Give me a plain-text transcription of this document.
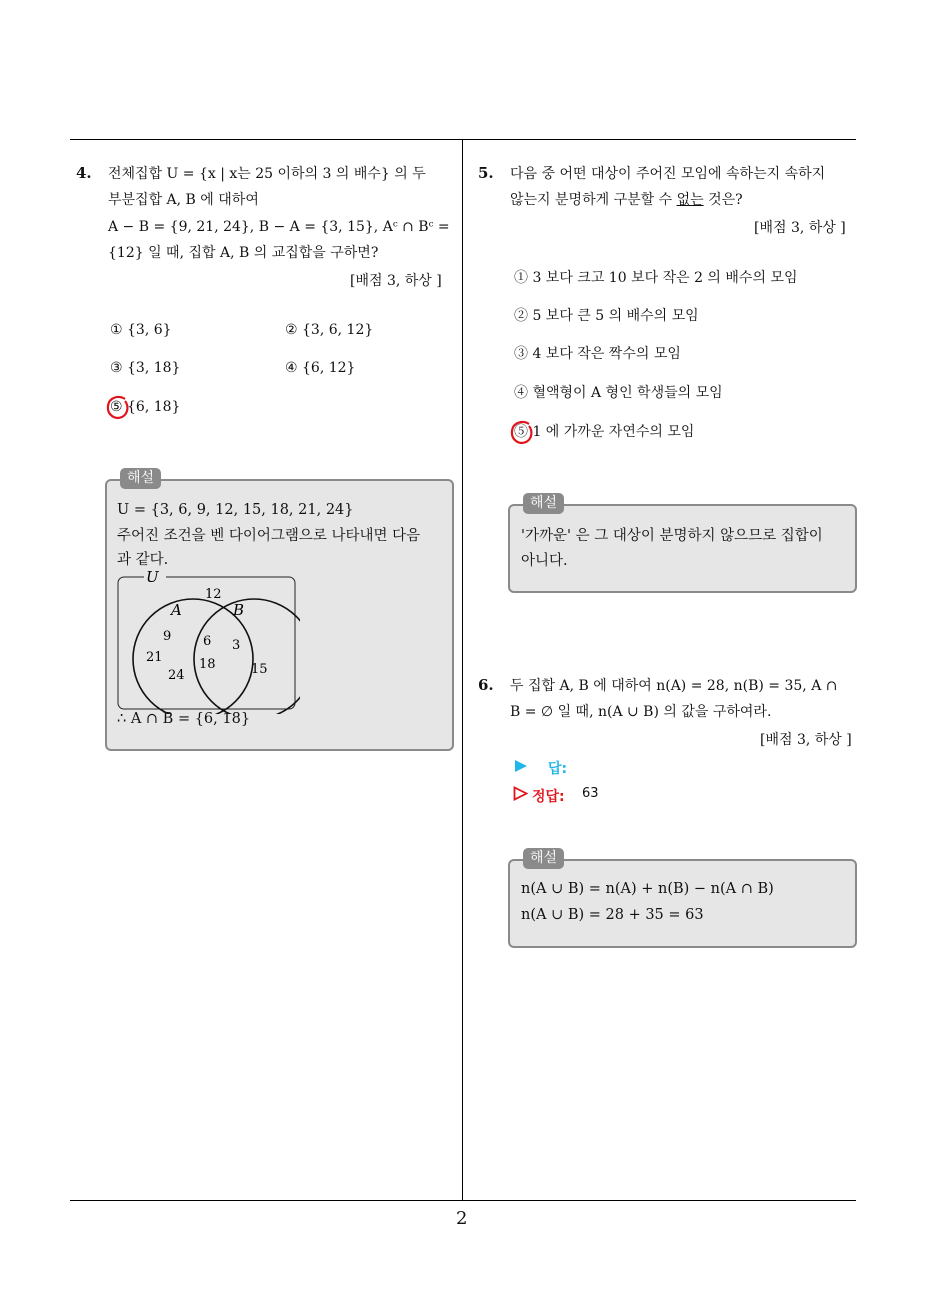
4. 전체집합 U = {x | x는 25 이하의 3 의 배수} 의 두
부분집합 A, B 에 대하여
A − B = {9, 21, 24}, B − A = {3, 15}, Aᶜ ∩ Bᶜ =
{12} 일 때, 집합 A, B 의 교집합을 구하면?
[배점 3, 하상 ]
① {3, 6}	② {3, 6, 12}
③ {3, 18}	④ {6, 12}
⑤ {6, 18}
해설
U = {3, 6, 9, 12, 15, 18, 21, 24}
주어진 조건을 벤 다이어그램으로 나타내면 다음
과 같다.
U
12
A	B
9
21
24
6
18
3
15
∴ A ∩ B = {6, 18}
5. 다음 중 어떤 대상이 주어진 모임에 속하는지 속하지
않는지 분명하게 구분할 수 없는 것은?
[배점 3, 하상 ]
① 3 보다 크고 10 보다 작은 2 의 배수의 모임
② 5 보다 큰 5 의 배수의 모임
③ 4 보다 작은 짝수의 모임
④ 혈액형이 A 형인 학생들의 모임
⑤ 1 에 가까운 자연수의 모임
해설
'가까운' 은 그 대상이 분명하지 않으므로 집합이
아니다.
6. 두 집합 A, B 에 대하여 n(A) = 28, n(B) = 35, A ∩
B = ∅ 일 때, n(A ∪ B) 의 값을 구하여라.
[배점 3, 하상 ]
답:
정답: 63
해설
n(A ∪ B) = n(A) + n(B) − n(A ∩ B)
n(A ∪ B) = 28 + 35 = 63
2
